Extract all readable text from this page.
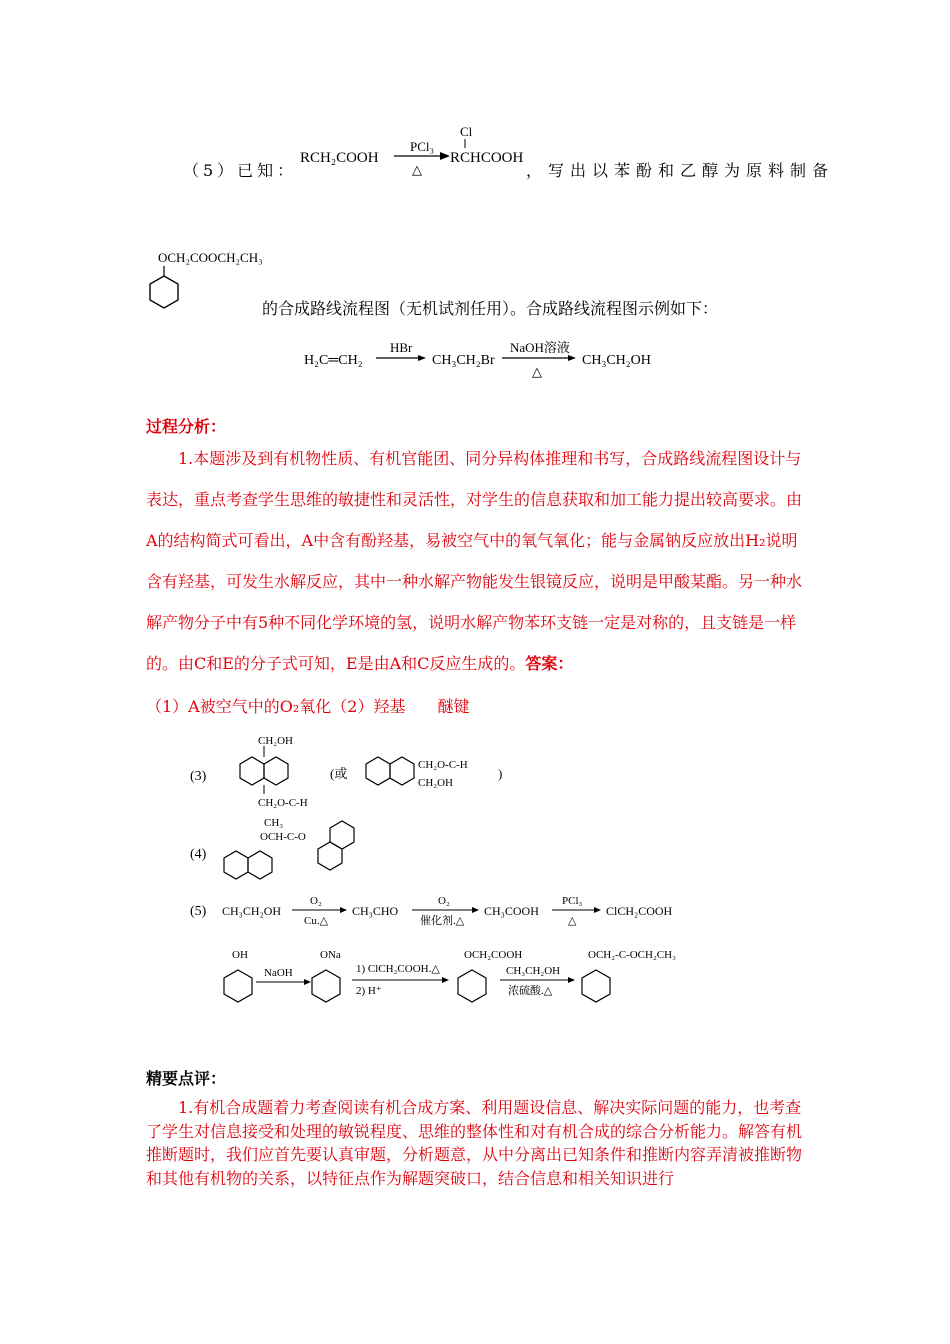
（5）已知：
RCH₂COOH
PCl₃
△
Cl
RCHCOOH
，写出以苯酚和乙醇为原料制备
OCH₂COOCH₂CH₃
的合成路线流程图（无机试剂任用）。合成路线流程图示例如下：
H₂C═CH₂
HBr
CH₃CH₂Br
NaOH溶液
△
CH₃CH₂OH
过程分析：

1.本题涉及到有机物性质、有机官能团、同分异构体推理和书写，合成路线流程图设计与表达，重点考查学生思维的敏捷性和灵活性，对学生的信息获取和加工能力提出较高要求。由A的结构简式可看出，A中含有酚羟基，易被空气中的氧气氧化；能与金属钠反应放出H₂说明含有羟基，可发生水解反应，其中一种水解产物能发生银镜反应，说明是甲酸某酯。另一种水解产物分子中有5种不同化学环境的氢，说明水解产物苯环支链一定是对称的，且支链是一样的。由C和E的分子式可知，E是由A和C反应生成的。答案：

（1）A被空气中的O₂氧化（2）羟基　　醚键
(3)
CH₂OH
CH₂O-C-H
(或
CH₂O-C-H
CH₂OH
)
(4)
CH₃
OCH-C-O
(5) CH₃CH₂OH
O₂
Cu.△
CH₃CHO
O₂
催化剂.△
CH₃COOH
PCl₃
△
ClCH₂COOH
OH
NaOH
ONa
1) ClCH₂COOH.△
2) H⁺
OCH₂COOH
CH₃CH₂OH
浓硫酸.△
OCH₂-C-OCH₂CH₃
精要点评：

1.有机合成题着力考查阅读有机合成方案、利用题设信息、解决实际问题的能力，也考查了学生对信息接受和处理的敏锐程度、思维的整体性和对有机合成的综合分析能力。解答有机推断题时，我们应首先要认真审题，分析题意，从中分离出已知条件和推断内容弄清被推断物和其他有机物的关系，以特征点作为解题突破口，结合信息和相关知识进行
